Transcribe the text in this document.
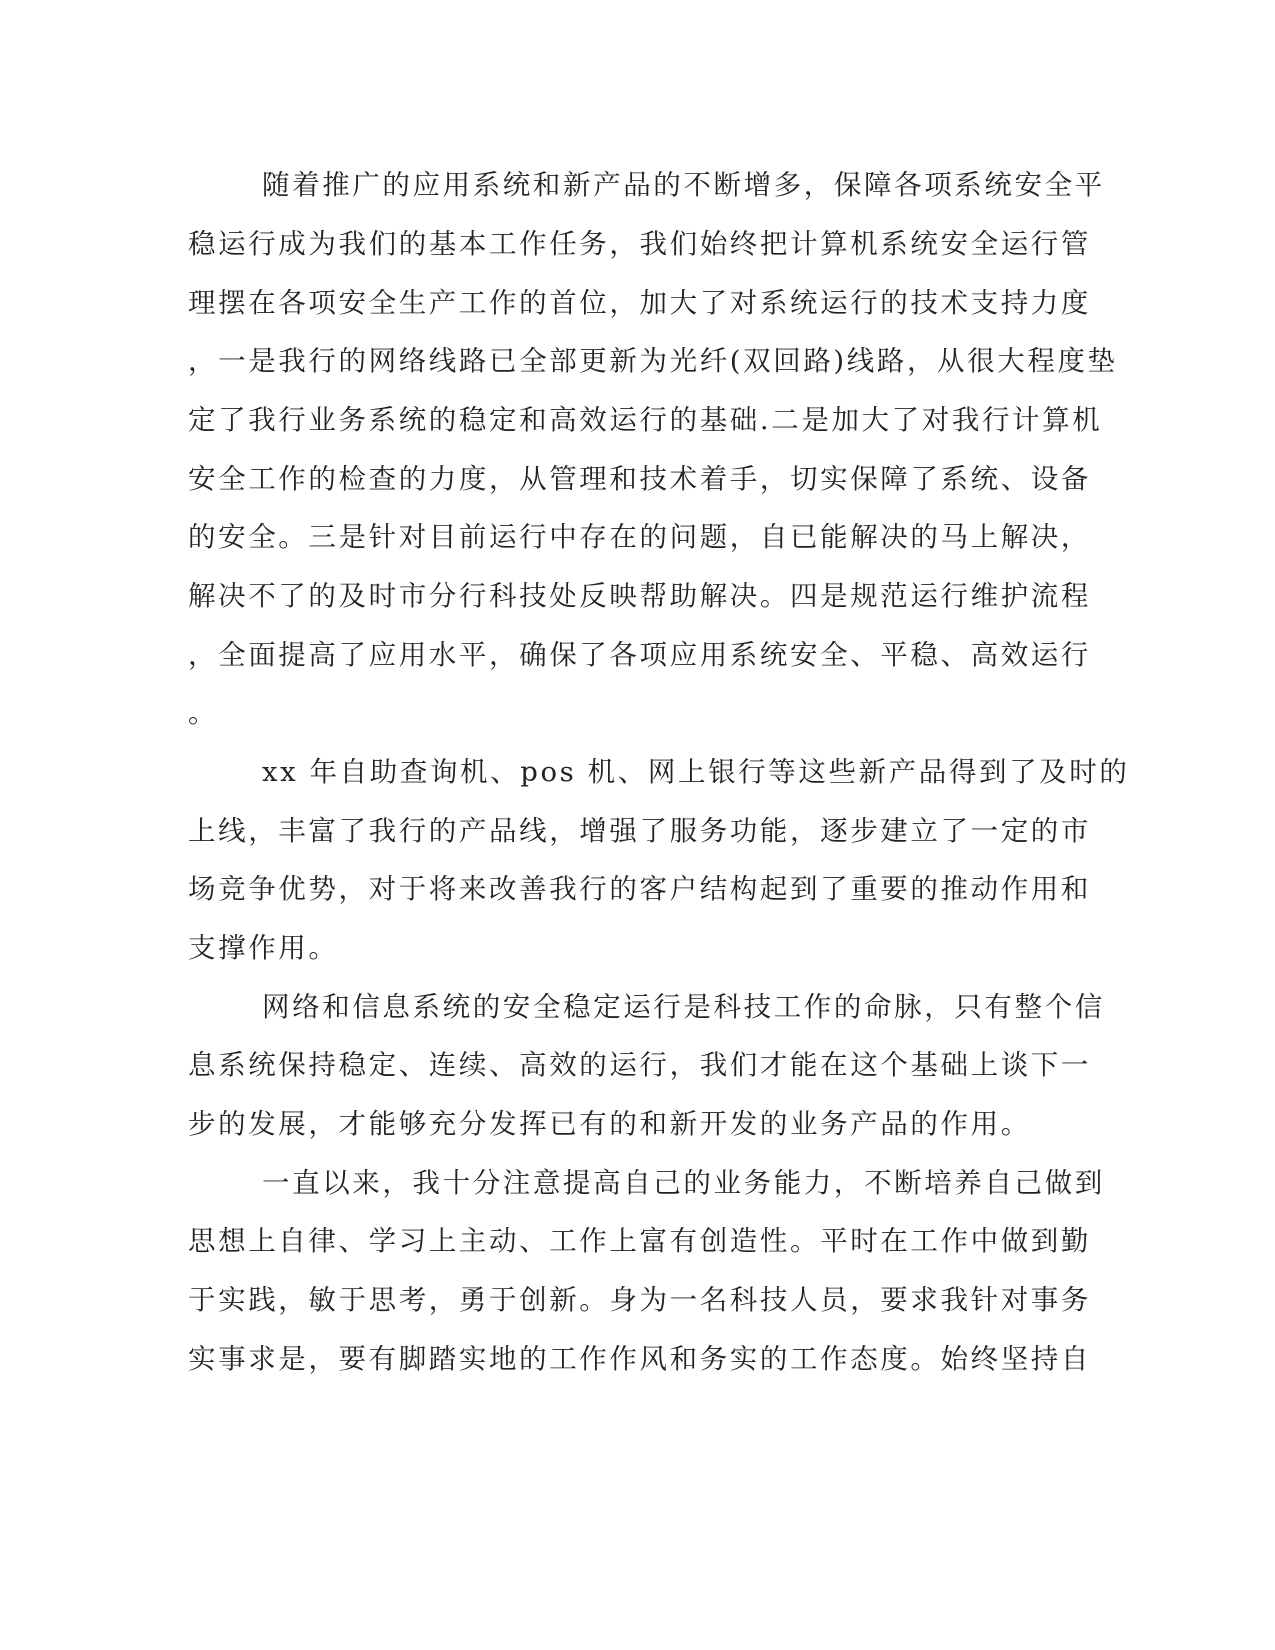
随着推广的应用系统和新产品的不断增多，保障各项系统安全平

稳运行成为我们的基本工作任务，我们始终把计算机系统安全运行管

理摆在各项安全生产工作的首位，加大了对系统运行的技术支持力度

，一是我行的网络线路已全部更新为光纤(双回路)线路，从很大程度垫

定了我行业务系统的稳定和高效运行的基础.二是加大了对我行计算机

安全工作的检查的力度，从管理和技术着手，切实保障了系统、设备

的安全。三是针对目前运行中存在的问题，自已能解决的马上解决，

解决不了的及时市分行科技处反映帮助解决。四是规范运行维护流程

，全面提高了应用水平，确保了各项应用系统安全、平稳、高效运行

。

xx 年自助查询机、pos 机、网上银行等这些新产品得到了及时的

上线，丰富了我行的产品线，增强了服务功能，逐步建立了一定的市

场竞争优势，对于将来改善我行的客户结构起到了重要的推动作用和

支撑作用。

网络和信息系统的安全稳定运行是科技工作的命脉，只有整个信

息系统保持稳定、连续、高效的运行，我们才能在这个基础上谈下一

步的发展，才能够充分发挥已有的和新开发的业务产品的作用。

一直以来，我十分注意提高自己的业务能力，不断培养自己做到

思想上自律、学习上主动、工作上富有创造性。平时在工作中做到勤

于实践，敏于思考，勇于创新。身为一名科技人员，要求我针对事务

实事求是，要有脚踏实地的工作作风和务实的工作态度。始终坚持自
